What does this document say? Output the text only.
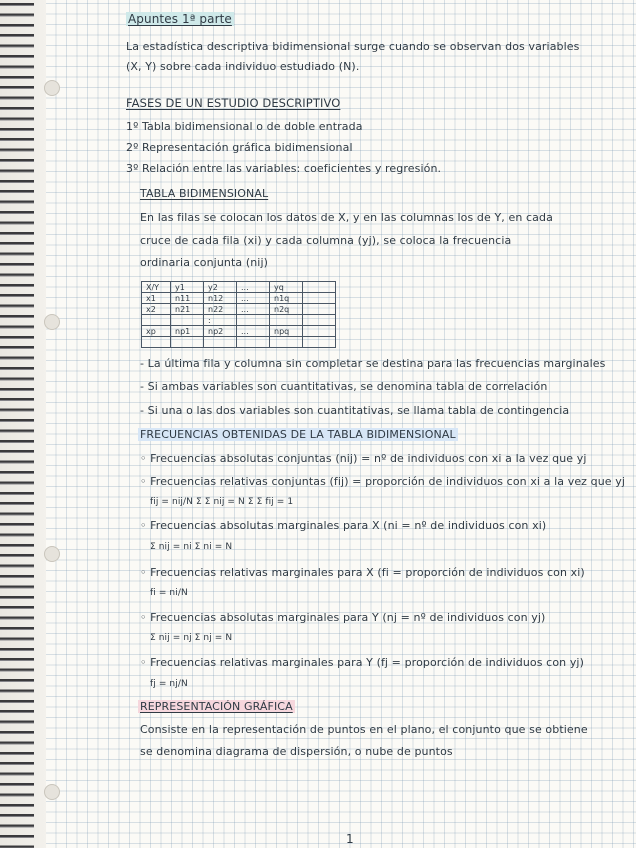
Apuntes 1ª parte
La estadística descriptiva bidimensional surge cuando se observan dos variables
(X, Y) sobre cada individuo estudiado (N).
FASES DE UN ESTUDIO DESCRIPTIVO
1º Tabla bidimensional o de doble entrada
2º Representación gráfica bidimensional
3º Relación entre las variables: coeficientes y regresión.
TABLA BIDIMENSIONAL
En las filas se colocan los datos de X, y en las columnas los de Y, en cada
cruce de cada fila (xi) y cada columna (yj), se coloca la frecuencia
ordinaria conjunta (nij)
X/Y	y1	y2	...	yq	
x1	n11	n12	...	n1q	
x2	n21	n22	...	n2q	
		:			
xp	np1	np2	...	npq	

- La última fila y columna sin completar se destina para las frecuencias marginales
- Si ambas variables son cuantitativas, se denomina tabla de correlación
- Si una o las dos variables son cuantitativas, se llama tabla de contingencia
FRECUENCIAS OBTENIDAS DE LA TABLA BIDIMENSIONAL
◦ Frecuencias absolutas conjuntas (nij) = nº de individuos con xi a la vez que yj
◦ Frecuencias relativas conjuntas (fij) = proporción de individuos con xi a la vez que yj
fij = nij/N Σ Σ nij = N Σ Σ fij = 1
◦ Frecuencias absolutas marginales para X (ni = nº de individuos con xi)
Σ nij = ni Σ ni = N
◦ Frecuencias relativas marginales para X (fi = proporción de individuos con xi)
fi = ni/N
◦ Frecuencias absolutas marginales para Y (nj = nº de individuos con yj)
Σ nij = nj Σ nj = N
◦ Frecuencias relativas marginales para Y (fj = proporción de individuos con yj)
fj = nj/N
REPRESENTACIÓN GRÁFICA
Consiste en la representación de puntos en el plano, el conjunto que se obtiene
se denomina diagrama de dispersión, o nube de puntos
1
